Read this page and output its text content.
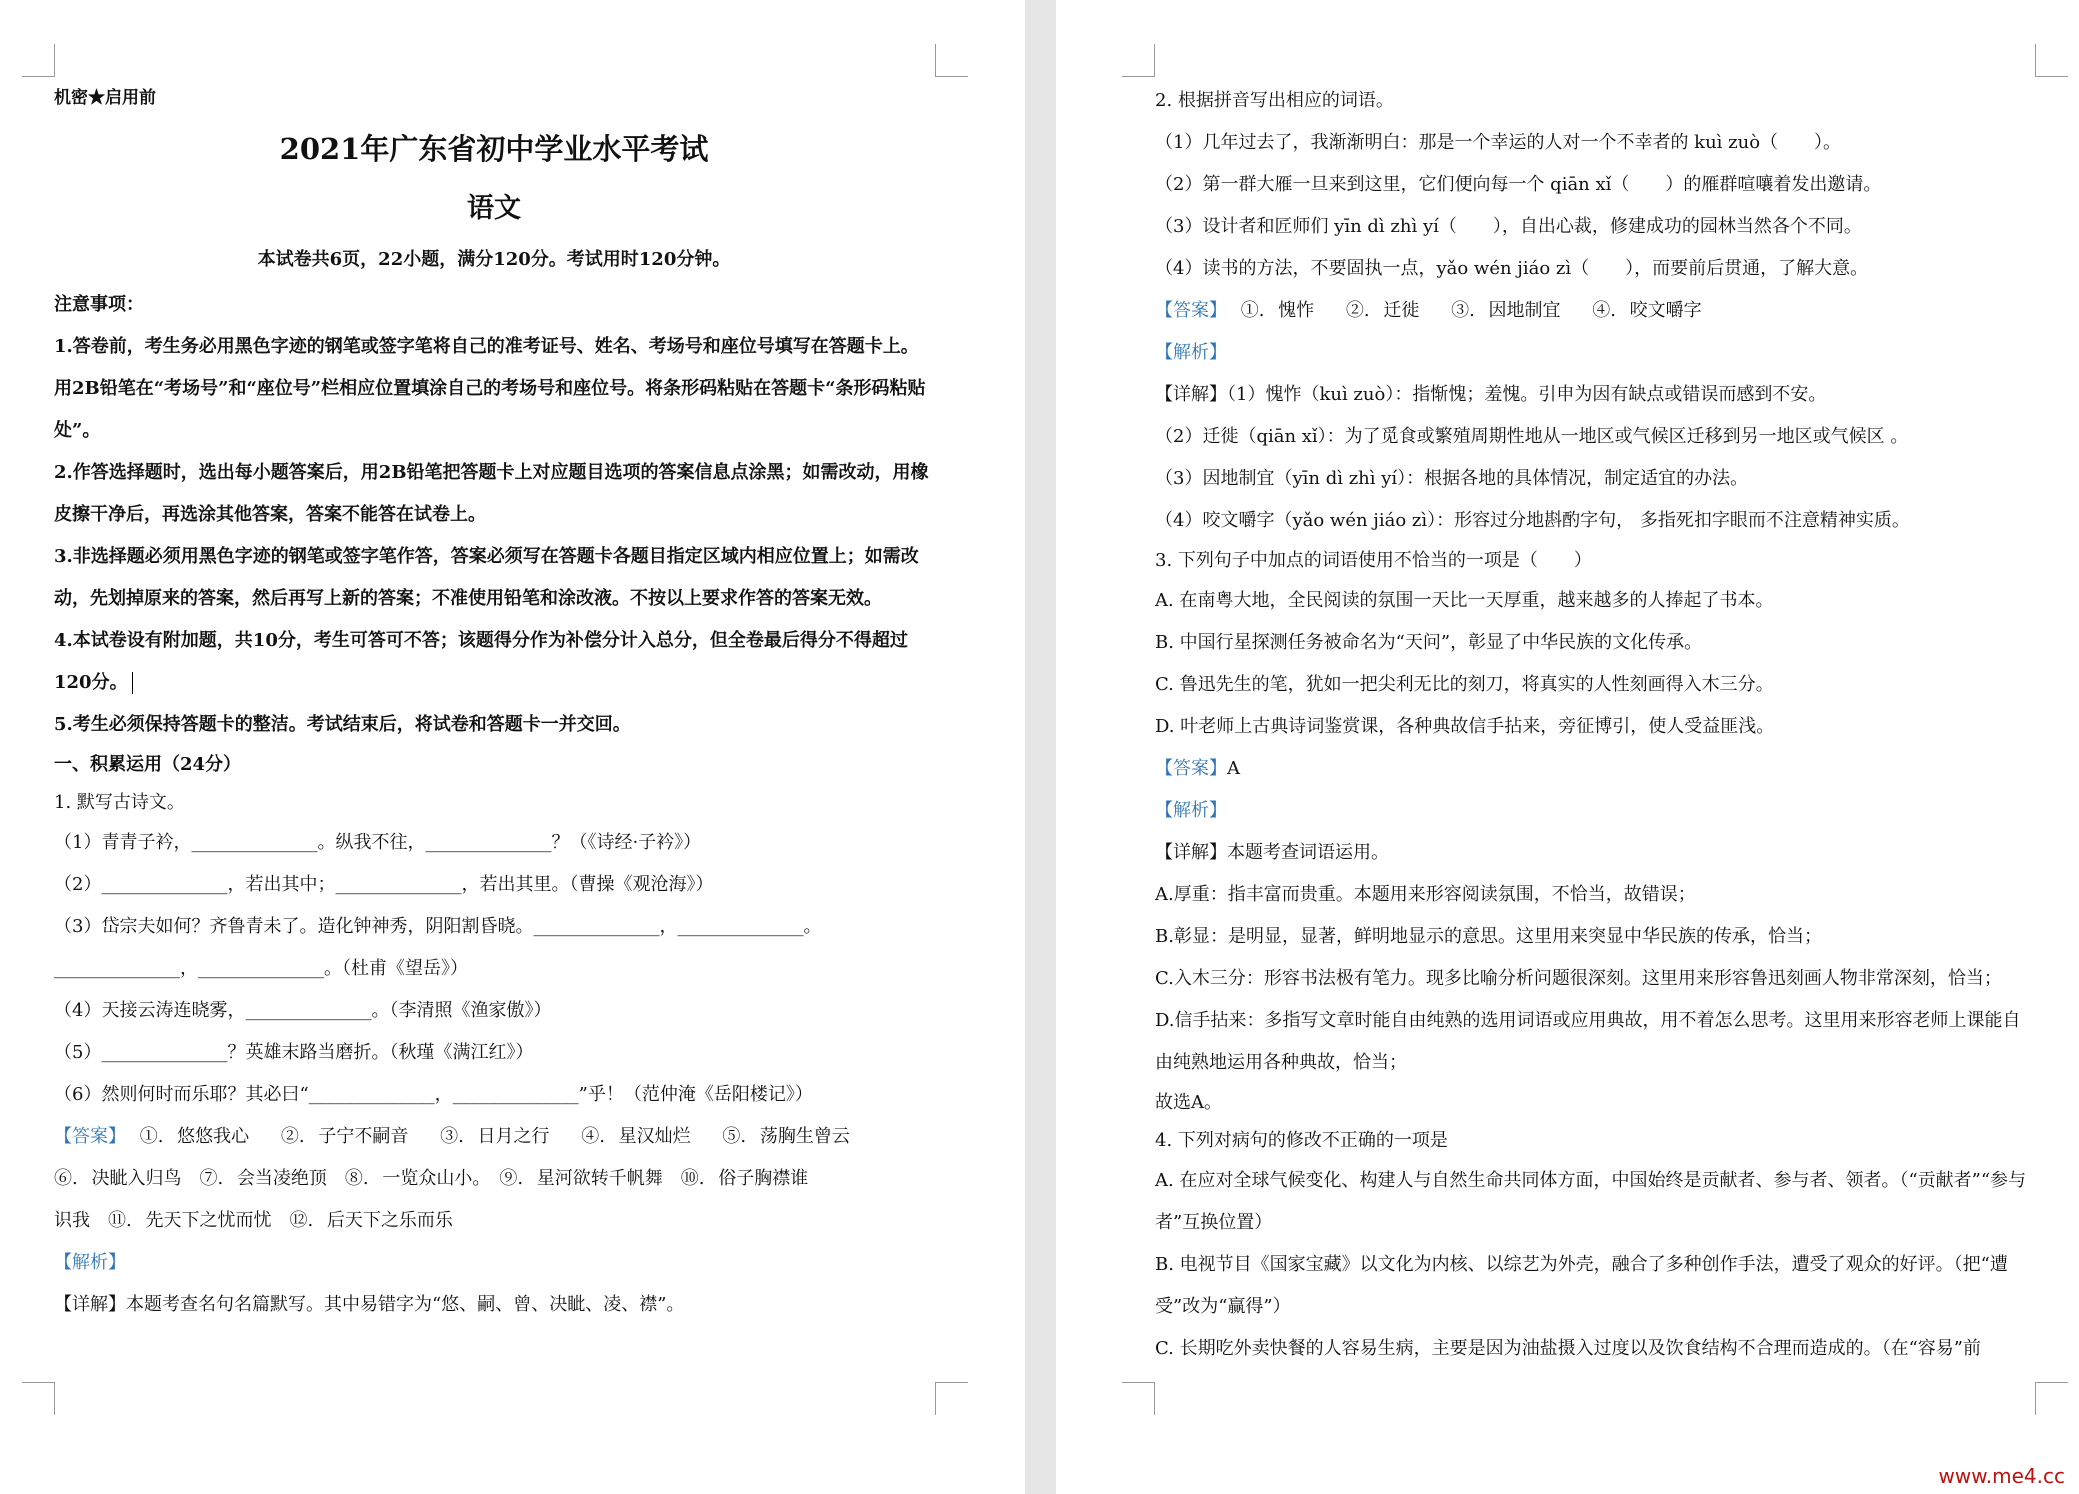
机密★启用前
2021年广东省初中学业水平考试
语文
本试卷共6页，22小题，满分120分。考试用时120分钟。
注意事项：
1.答卷前，考生务必用黑色字迹的钢笔或签字笔将自己的准考证号、姓名、考场号和座位号填写在答题卡上。用2B铅笔在“考场号”和“座位号”栏相应位置填涂自己的考场号和座位号。将条形码粘贴在答题卡“条形码粘贴处”。
2.作答选择题时，选出每小题答案后，用2B铅笔把答题卡上对应题目选项的答案信息点涂黑；如需改动，用橡皮擦干净后，再选涂其他答案，答案不能答在试卷上。
3.非选择题必须用黑色字迹的钢笔或签字笔作答，答案必须写在答题卡各题目指定区域内相应位置上；如需改动，先划掉原来的答案，然后再写上新的答案；不准使用铅笔和涂改液。不按以上要求作答的答案无效。
4.本试卷设有附加题，共10分，考生可答可不答；该题得分作为补偿分计入总分，但全卷最后得分不得超过120分。
5.考生必须保持答题卡的整洁。考试结束后，将试卷和答题卡一并交回。
一、积累运用（24分）
1. 默写古诗文。
（1）青青子衿，______________。纵我不往，______________？（《诗经·子衿》）
（2）______________，若出其中；______________，若出其里。（曹操《观沧海》）
（3）岱宗夫如何？齐鲁青未了。造化钟神秀，阴阳割昏晓。______________，______________。
______________，______________。（杜甫《望岳》）
（4）天接云涛连晓雾，______________。（李清照《渔家傲》）
（5）______________？英雄末路当磨折。（秋瑾《满江红》）
（6）然则何时而乐耶？其必曰“______________，______________”乎！（范仲淹《岳阳楼记》）
【答案】 ①. 悠悠我心　 ②. 子宁不嗣音　 ③. 日月之行　 ④. 星汉灿烂　 ⑤. 荡胸生曾云
⑥. 决眦入归鸟　⑦. 会当凌绝顶　⑧. 一览众山小。　⑨. 星河欲转千帆舞　⑩. 俗子胸襟谁
识我　⑪. 先天下之忧而忧　⑫. 后天下之乐而乐
【解析】
【详解】本题考查名句名篇默写。其中易错字为“悠、嗣、曾、决眦、凌、襟”。
2. 根据拼音写出相应的词语。
（1）几年过去了，我渐渐明白：那是一个幸运的人对一个不幸者的 kuì zuò（　　）。
（2）第一群大雁一旦来到这里，它们便向每一个 qiān xǐ（　　）的雁群喧嚷着发出邀请。
（3）设计者和匠师们 yīn dì zhì yí（　　），自出心裁，修建成功的园林当然各个不同。
（4）读书的方法，不要固执一点，yǎo wén jiáo zì（　　），而要前后贯通，了解大意。
【答案】 ①. 愧怍　 ②. 迁徙　 ③. 因地制宜　 ④. 咬文嚼字
【解析】
【详解】（1）愧怍（kuì zuò）：指惭愧；羞愧。引申为因有缺点或错误而感到不安。
（2）迁徙（qiān xǐ）：为了觅食或繁殖周期性地从一地区或气候区迁移到另一地区或气候区 。
（3）因地制宜（yīn dì zhì yí）：根据各地的具体情况，制定适宜的办法。
（4）咬文嚼字（yǎo wén jiáo zì）：形容过分地斟酌字句， 多指死扣字眼而不注意精神实质。
3. 下列句子中加点的词语使用不恰当的一项是（　　）
A. 在南粤大地，全民阅读的氛围一天比一天厚重，越来越多的人捧起了书本。
B. 中国行星探测任务被命名为“天问”，彰显了中华民族的文化传承。
C. 鲁迅先生的笔，犹如一把尖利无比的刻刀，将真实的人性刻画得入木三分。
D. 叶老师上古典诗词鉴赏课，各种典故信手拈来，旁征博引，使人受益匪浅。
【答案】A
【解析】
【详解】本题考查词语运用。
A.厚重：指丰富而贵重。本题用来形容阅读氛围，不恰当，故错误；
B.彰显：是明显，显著，鲜明地显示的意思。这里用来突显中华民族的传承，恰当；
C.入木三分：形容书法极有笔力。现多比喻分析问题很深刻。这里用来形容鲁迅刻画人物非常深刻，恰当；
D.信手拈来：多指写文章时能自由纯熟的选用词语或应用典故，用不着怎么思考。这里用来形容老师上课能自由纯熟地运用各种典故，恰当；
故选A。
4. 下列对病句的修改不正确的一项是
A. 在应对全球气候变化、构建人与自然生命共同体方面，中国始终是贡献者、参与者、领者。（“贡献者”“参与者”互换位置）
B. 电视节目《国家宝藏》以文化为内核、以综艺为外壳，融合了多种创作手法，遭受了观众的好评。（把“遭受”改为“赢得”）
C. 长期吃外卖快餐的人容易生病，主要是因为油盐摄入过度以及饮食结构不合理而造成的。（在“容易”前
www.me4.cc
